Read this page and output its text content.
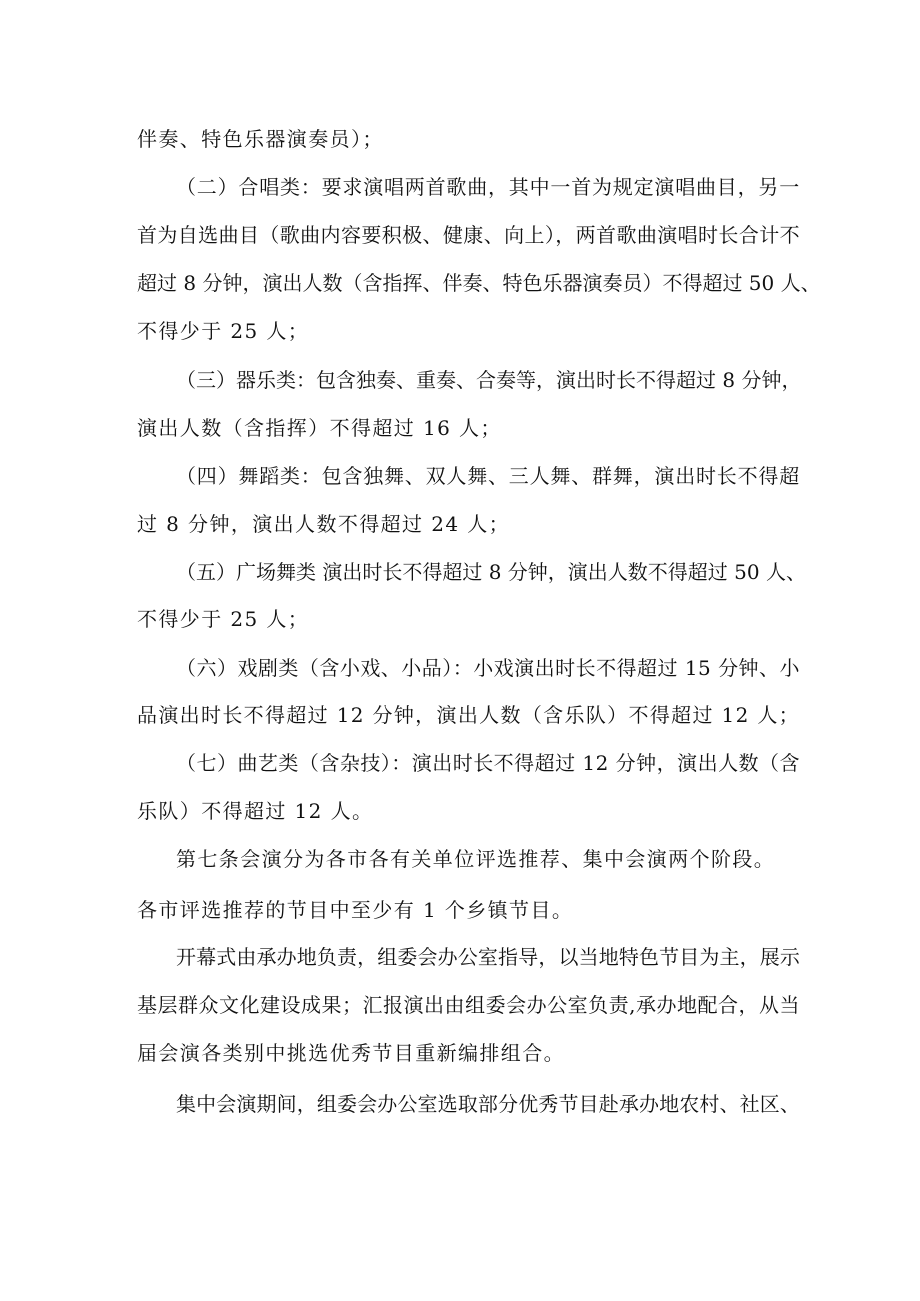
伴奏、特色乐器演奏员）；
（二）合唱类：要求演唱两首歌曲，其中一首为规定演唱曲目，另一
首为自选曲目（歌曲内容要积极、健康、向上），两首歌曲演唱时长合计不
超过 8 分钟，演出人数（含指挥、伴奏、特色乐器演奏员）不得超过 50 人、
不得少于 25 人；
（三）器乐类：包含独奏、重奏、合奏等，演出时长不得超过 8 分钟，
演出人数（含指挥）不得超过 16 人；
（四）舞蹈类：包含独舞、双人舞、三人舞、群舞，演出时长不得超
过 8 分钟，演出人数不得超过 24 人；
（五）广场舞类 演出时长不得超过 8 分钟，演出人数不得超过 50 人、
不得少于 25 人；
（六）戏剧类（含小戏、小品）：小戏演出时长不得超过 15 分钟、小
品演出时长不得超过 12 分钟，演出人数（含乐队）不得超过 12 人；
（七）曲艺类（含杂技）：演出时长不得超过 12 分钟，演出人数（含
乐队）不得超过 12 人。
第七条会演分为各市各有关单位评选推荐、集中会演两个阶段。
各市评选推荐的节目中至少有 1 个乡镇节目。
开幕式由承办地负责，组委会办公室指导，以当地特色节目为主，展示
基层群众文化建设成果；汇报演出由组委会办公室负责,承办地配合，从当
届会演各类别中挑选优秀节目重新编排组合。
集中会演期间，组委会办公室选取部分优秀节目赴承办地农村、社区、
